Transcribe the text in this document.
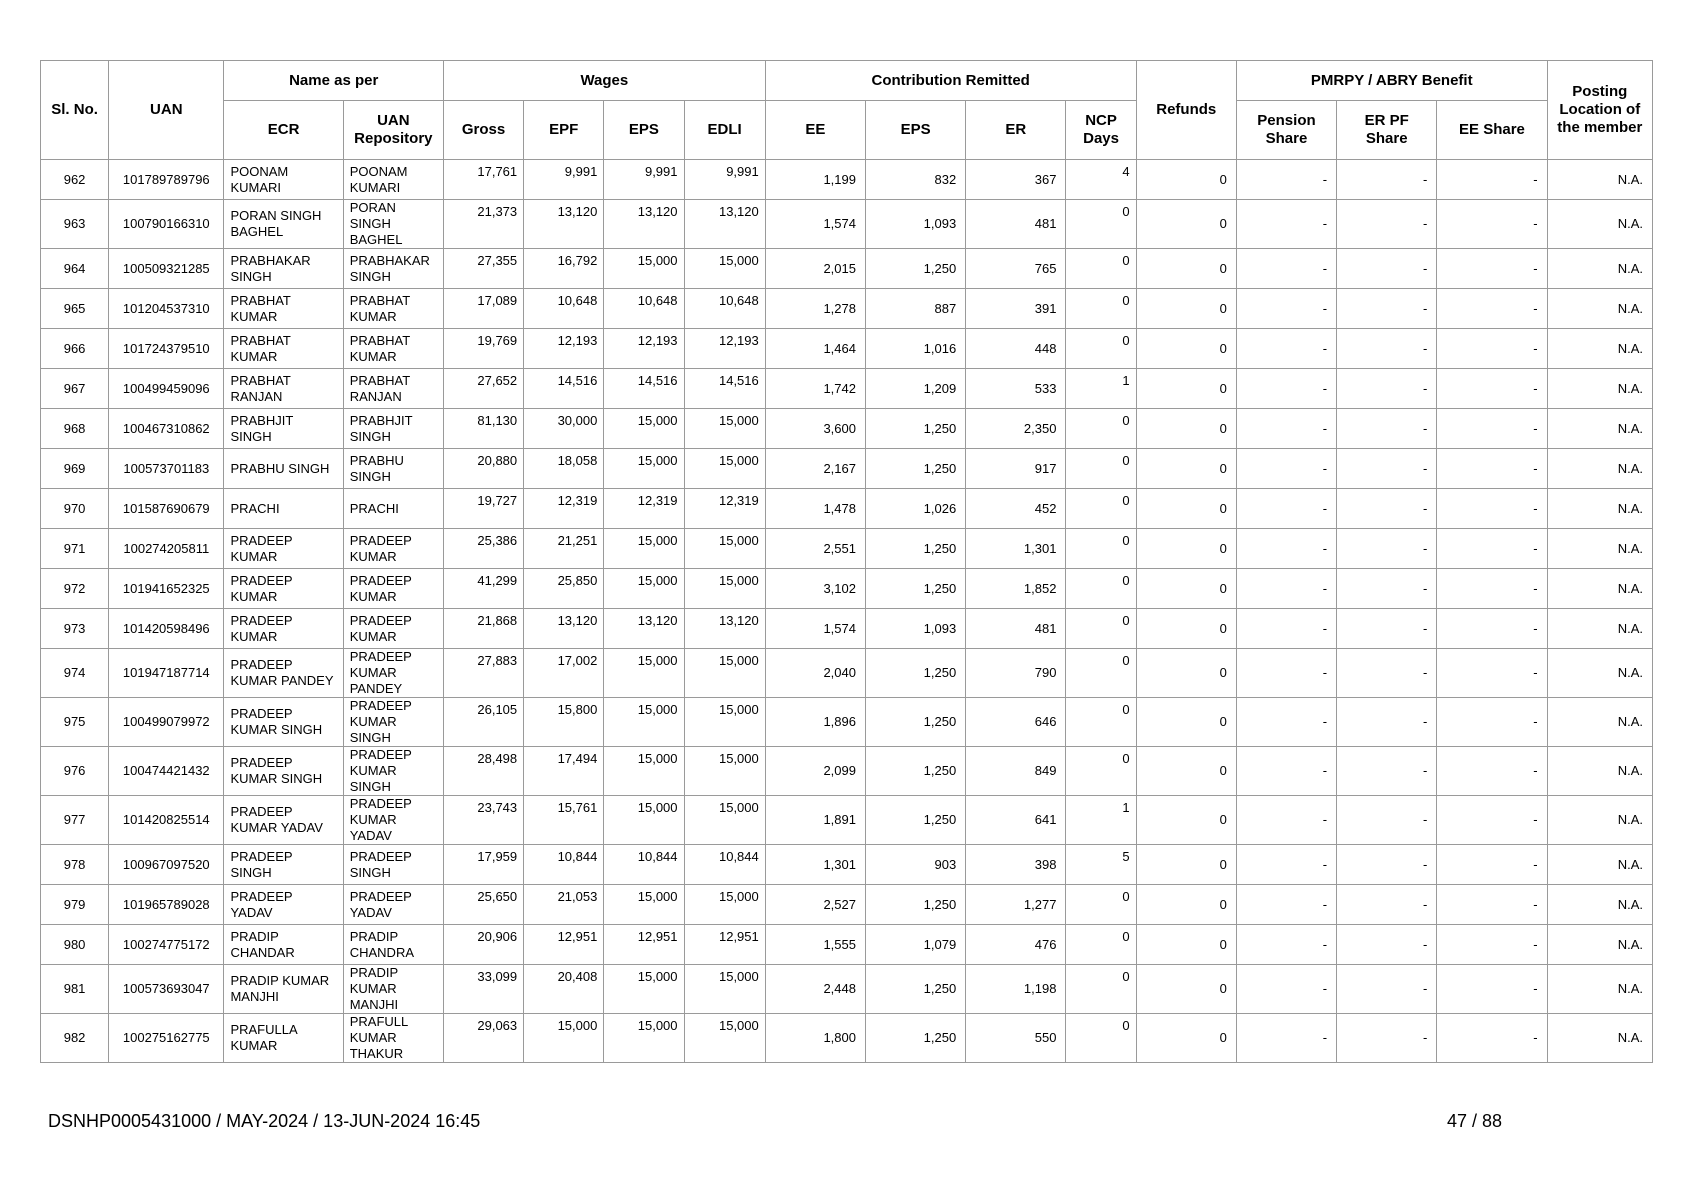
Sl. No.	UAN	Name as per		Wages				Contribution Remitted				Refunds	PMRPY / ABRY Benefit			Posting Location of the member
		ECR	UAN Repository	Gross	EPF	EPS	EDLI	EE	EPS	ER	NCP Days		Pension Share	ER PF Share	EE Share	
962	101789789796	POONAM KUMARI	POONAM KUMARI	17,761	9,991	9,991	9,991	1,199	832	367	4	0	-	-	-	N.A.
963	100790166310	PORAN SINGH BAGHEL	PORAN SINGH BAGHEL	21,373	13,120	13,120	13,120	1,574	1,093	481	0	0	-	-	-	N.A.
964	100509321285	PRABHAKAR SINGH	PRABHAKAR SINGH	27,355	16,792	15,000	15,000	2,015	1,250	765	0	0	-	-	-	N.A.
965	101204537310	PRABHAT KUMAR	PRABHAT KUMAR	17,089	10,648	10,648	10,648	1,278	887	391	0	0	-	-	-	N.A.
966	101724379510	PRABHAT KUMAR	PRABHAT KUMAR	19,769	12,193	12,193	12,193	1,464	1,016	448	0	0	-	-	-	N.A.
967	100499459096	PRABHAT RANJAN	PRABHAT RANJAN	27,652	14,516	14,516	14,516	1,742	1,209	533	1	0	-	-	-	N.A.
968	100467310862	PRABHJIT SINGH	PRABHJIT SINGH	81,130	30,000	15,000	15,000	3,600	1,250	2,350	0	0	-	-	-	N.A.
969	100573701183	PRABHU SINGH	PRABHU SINGH	20,880	18,058	15,000	15,000	2,167	1,250	917	0	0	-	-	-	N.A.
970	101587690679	PRACHI	PRACHI	19,727	12,319	12,319	12,319	1,478	1,026	452	0	0	-	-	-	N.A.
971	100274205811	PRADEEP KUMAR	PRADEEP KUMAR	25,386	21,251	15,000	15,000	2,551	1,250	1,301	0	0	-	-	-	N.A.
972	101941652325	PRADEEP KUMAR	PRADEEP KUMAR	41,299	25,850	15,000	15,000	3,102	1,250	1,852	0	0	-	-	-	N.A.
973	101420598496	PRADEEP KUMAR	PRADEEP KUMAR	21,868	13,120	13,120	13,120	1,574	1,093	481	0	0	-	-	-	N.A.
974	101947187714	PRADEEP KUMAR PANDEY	PRADEEP KUMAR PANDEY	27,883	17,002	15,000	15,000	2,040	1,250	790	0	0	-	-	-	N.A.
975	100499079972	PRADEEP KUMAR SINGH	PRADEEP KUMAR SINGH	26,105	15,800	15,000	15,000	1,896	1,250	646	0	0	-	-	-	N.A.
976	100474421432	PRADEEP KUMAR SINGH	PRADEEP KUMAR SINGH	28,498	17,494	15,000	15,000	2,099	1,250	849	0	0	-	-	-	N.A.
977	101420825514	PRADEEP KUMAR YADAV	PRADEEP KUMAR YADAV	23,743	15,761	15,000	15,000	1,891	1,250	641	1	0	-	-	-	N.A.
978	100967097520	PRADEEP SINGH	PRADEEP SINGH	17,959	10,844	10,844	10,844	1,301	903	398	5	0	-	-	-	N.A.
979	101965789028	PRADEEP YADAV	PRADEEP YADAV	25,650	21,053	15,000	15,000	2,527	1,250	1,277	0	0	-	-	-	N.A.
980	100274775172	PRADIP CHANDAR	PRADIP CHANDRA	20,906	12,951	12,951	12,951	1,555	1,079	476	0	0	-	-	-	N.A.
981	100573693047	PRADIP KUMAR MANJHI	PRADIP KUMAR MANJHI	33,099	20,408	15,000	15,000	2,448	1,250	1,198	0	0	-	-	-	N.A.
982	100275162775	PRAFULLA KUMAR	PRAFULL KUMAR THAKUR	29,063	15,000	15,000	15,000	1,800	1,250	550	0	0	-	-	-	N.A.
DSNHP0005431000 / MAY-2024 / 13-JUN-2024 16:45	47 / 88
